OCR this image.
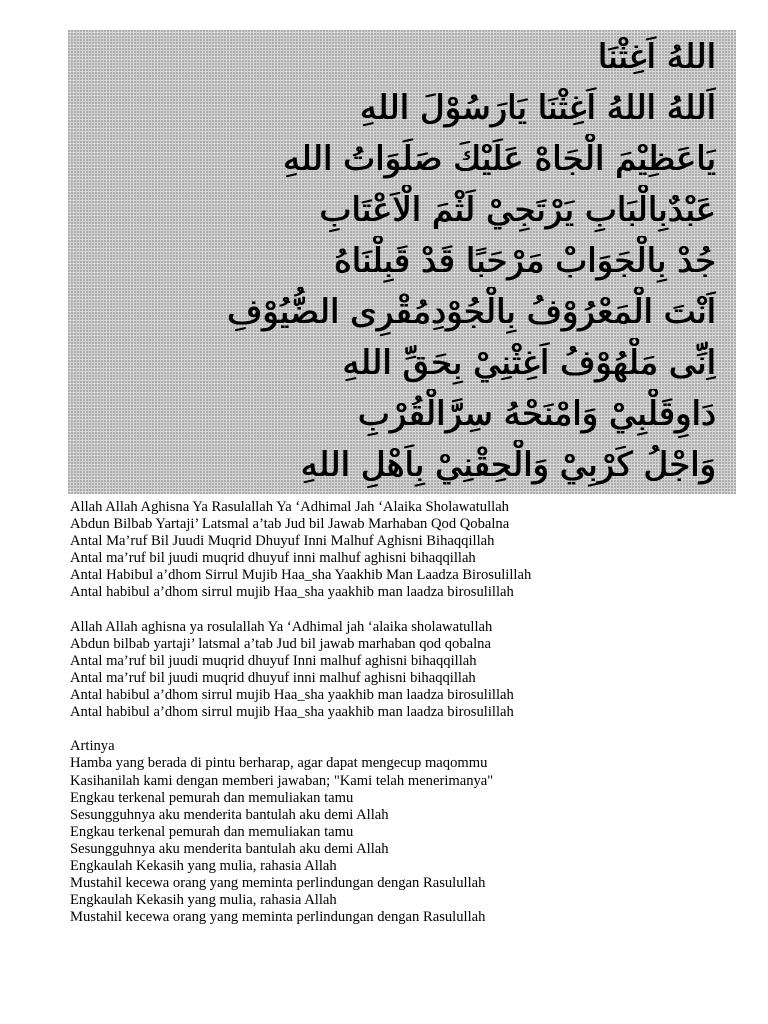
اللهُ اَغِثْنَا
اَللهُ اللهُ اَغِثْنَا يَارَسُوْلَ اللهِ
يَاعَظِيْمَ الْجَاهْ عَلَيْكَ صَلَوَاتُ اللهِ
عَبْدٌبِالْبَابِ يَرْتَجِيْ لَثْمَ الْاَعْتَابِ
جُدْ بِالْجَوَابْ مَرْحَبًا قَدْ قَبِلْنَاهُ
اَنْتَ الْمَعْرُوْفُ بِالْجُوْدِمُقْرِى الضُّيُوْفِ
اِنِّى مَلْهُوْفُ اَغِثْنِيْ بِحَقِّ اللهِ
دَاوِقَلْبِيْ وَامْنَحْهُ سِرَّالْقُرْبِ
وَاجْلُ كَرْبِيْ وَالْحِقْنِيْ بِاَهْلِ اللهِ
Allah Allah Aghisna Ya Rasulallah Ya ‘Adhimal Jah ‘Alaika Sholawatullah
Abdun Bilbab Yartaji’ Latsmal a’tab Jud bil Jawab Marhaban Qod Qobalna
Antal Ma’ruf Bil Juudi Muqrid Dhuyuf Inni Malhuf Aghisni Bihaqqillah
Antal ma’ruf bil juudi muqrid dhuyuf inni malhuf aghisni bihaqqillah
Antal Habibul a’dhom Sirrul Mujib Haa_sha Yaakhib Man Laadza Birosulillah
Antal habibul a’dhom sirrul mujib Haa_sha yaakhib man laadza birosulillah
Allah Allah aghisna ya rosulallah Ya ‘Adhimal jah ‘alaika sholawatullah
Abdun bilbab yartaji’ latsmal a’tab Jud bil jawab marhaban qod qobalna
Antal ma’ruf bil juudi muqrid dhuyuf Inni malhuf aghisni bihaqqillah
Antal ma’ruf bil juudi muqrid dhuyuf inni malhuf aghisni bihaqqillah
Antal habibul a’dhom sirrul mujib Haa_sha yaakhib man laadza birosulillah
Antal habibul a’dhom sirrul mujib Haa_sha yaakhib man laadza birosulillah
Artinya
Hamba yang berada di pintu berharap, agar dapat mengecup maqommu
Kasihanilah kami dengan memberi jawaban; "Kami telah menerimanya"
Engkau terkenal pemurah dan memuliakan tamu
Sesungguhnya aku menderita bantulah aku demi Allah
Engkau terkenal pemurah dan memuliakan tamu
Sesungguhnya aku menderita bantulah aku demi Allah
Engkaulah Kekasih yang mulia, rahasia Allah
Mustahil kecewa orang yang meminta perlindungan dengan Rasulullah
Engkaulah Kekasih yang mulia, rahasia Allah
Mustahil kecewa orang yang meminta perlindungan dengan Rasulullah
